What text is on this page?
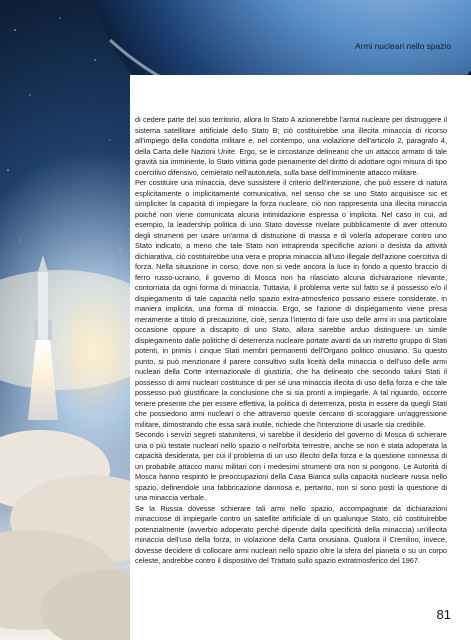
Armi nucleari nello spazio

di cedere parte del suo territorio, allora lo Stato A azionerebbe l'arma nucleare per distruggere il sistema satellitare artificiale dello Stato B; ciò costituirebbe una illecita minaccia di ricorso all'impiego della condotta militare e, nel contempo, una violazione dell'articolo 2, paragrafo 4, della Carta delle Nazioni Unite. Ergo, se le circostanze delineano che un attacco armato di tale gravità sia imminente, lo Stato vittima gode pienamente del diritto di adottare ogni misura di tipo coercitivo difensivo, cemierato nell'autotutela, sulla base dell'imminente attacco militare.

Per costituire una minaccia, deve sussistere il criterio dell'intenzione, che può essere di natura esplicitamente o implicitamente comunicativa, nel senso che se uno Stato acquisisce sic et simpliciter la capacità di impiegare la forza nucleare, ciò non rappresenta una illecita minaccia poiché non viene comunicata alcuna intimidazione espressa o implicita. Nel caso in cui, ad esempio, la leadership politica di uno Stato dovesse rivelare pubblicamente di aver ottenuto degli strumenti per usare un'arma di distruzione di massa e di volerla adoperare contro uno Stato indicato, a meno che tale Stato non intraprenda specifiche azioni o desista da attività dichiarativa, ciò costituirebbe una vera e propria minaccia all'uso illegale dell'azione coercitiva di forza. Nella situazione in corso, dove non si vede ancora la luce in fondo a questo braccio di ferro russo-ucraino, il governo di Mosca non ha rilasciato alcuna dichiarazione rilevante, contornata da ogni forma di minaccia. Tuttavia, il problema verte sul fatto se il possesso e/o il dispiegamento di tale capacità nello spazio extra-atmosferico possano essere considerate, in maniera implicita, una forma di minaccia. Ergo, se l'azione di dispiegamento viene presa meramente a titolo di precauzione, cioè, senza l'intento di fare uso delle armi in una particolare occasione oppure a discapito di uno Stato, allora sarebbe arduo distinguere un simile dispiegamento dalle politiche di deterrenza nucleare portate avanti da un ristretto gruppo di Stati potenti, in primis i cinque Stati membri permanenti dell'Organo politico onusiano. Su questo punto, si può menzionare il parere consultivo sulla liceità della minaccia o dell'uso delle armi nucleari della Corte internazionale di giustizia, che ha delineato che secondo taluni Stati il possesso di armi nucleari costituisce di per sé una minaccia illecita di uso della forza e che tale possesso può giustificare la conclusione che si sia pronti a impiegarle. A tal riguardo, occorre tenere presente che per essere effettiva, la politica di deterrenza, posta in essere da quegli Stati che possiedono armi nucleari o che attraverso queste cercano di scoraggiare un'aggressione militare, dimostrando che essa sarà inutile, richiede che l'intenzione di usarle sia credibile.

Secondo i servizi segreti statunitensi, vi sarebbe il desiderio del governo di Mosca di schierare una o più testate nucleari nello spazio o nell'orbita terrestre, anche se non è stata adoperata la capacità desiderata, per cui il problema di un uso illecito della forza e la questione connessa di un probabile attacco manu militari con i medesimi strumenti ora non si pongono. Le Autorità di Mosca hanno respinto le preoccupazioni della Casa Bianca sulla capacità nucleare russa nello spazio, definendole una fabbricazione dannosa e, pertanto, non si sono posti la questione di una minaccia verbale.

Se la Russia dovesse schierare tali armi nello spazio, accompagnate da dichiarazioni minacciose di impiegarle contro un satellite artificiale di un qualunque Stato, ciò costituirebbe potenzialmente (avverbio adoperato perché dipende dalla specificità della minaccia) un'illecita minaccia dell'uso della forza, in violazione della Carta onusiana. Qualora il Cremlino, invece, dovesse decidere di collocare armi nucleari nello spazio oltre la sfera del pianeta o su un corpo celeste, andrebbe contro il dispositivo del Trattato sullo spazio extratmosferico del 1967.

81
